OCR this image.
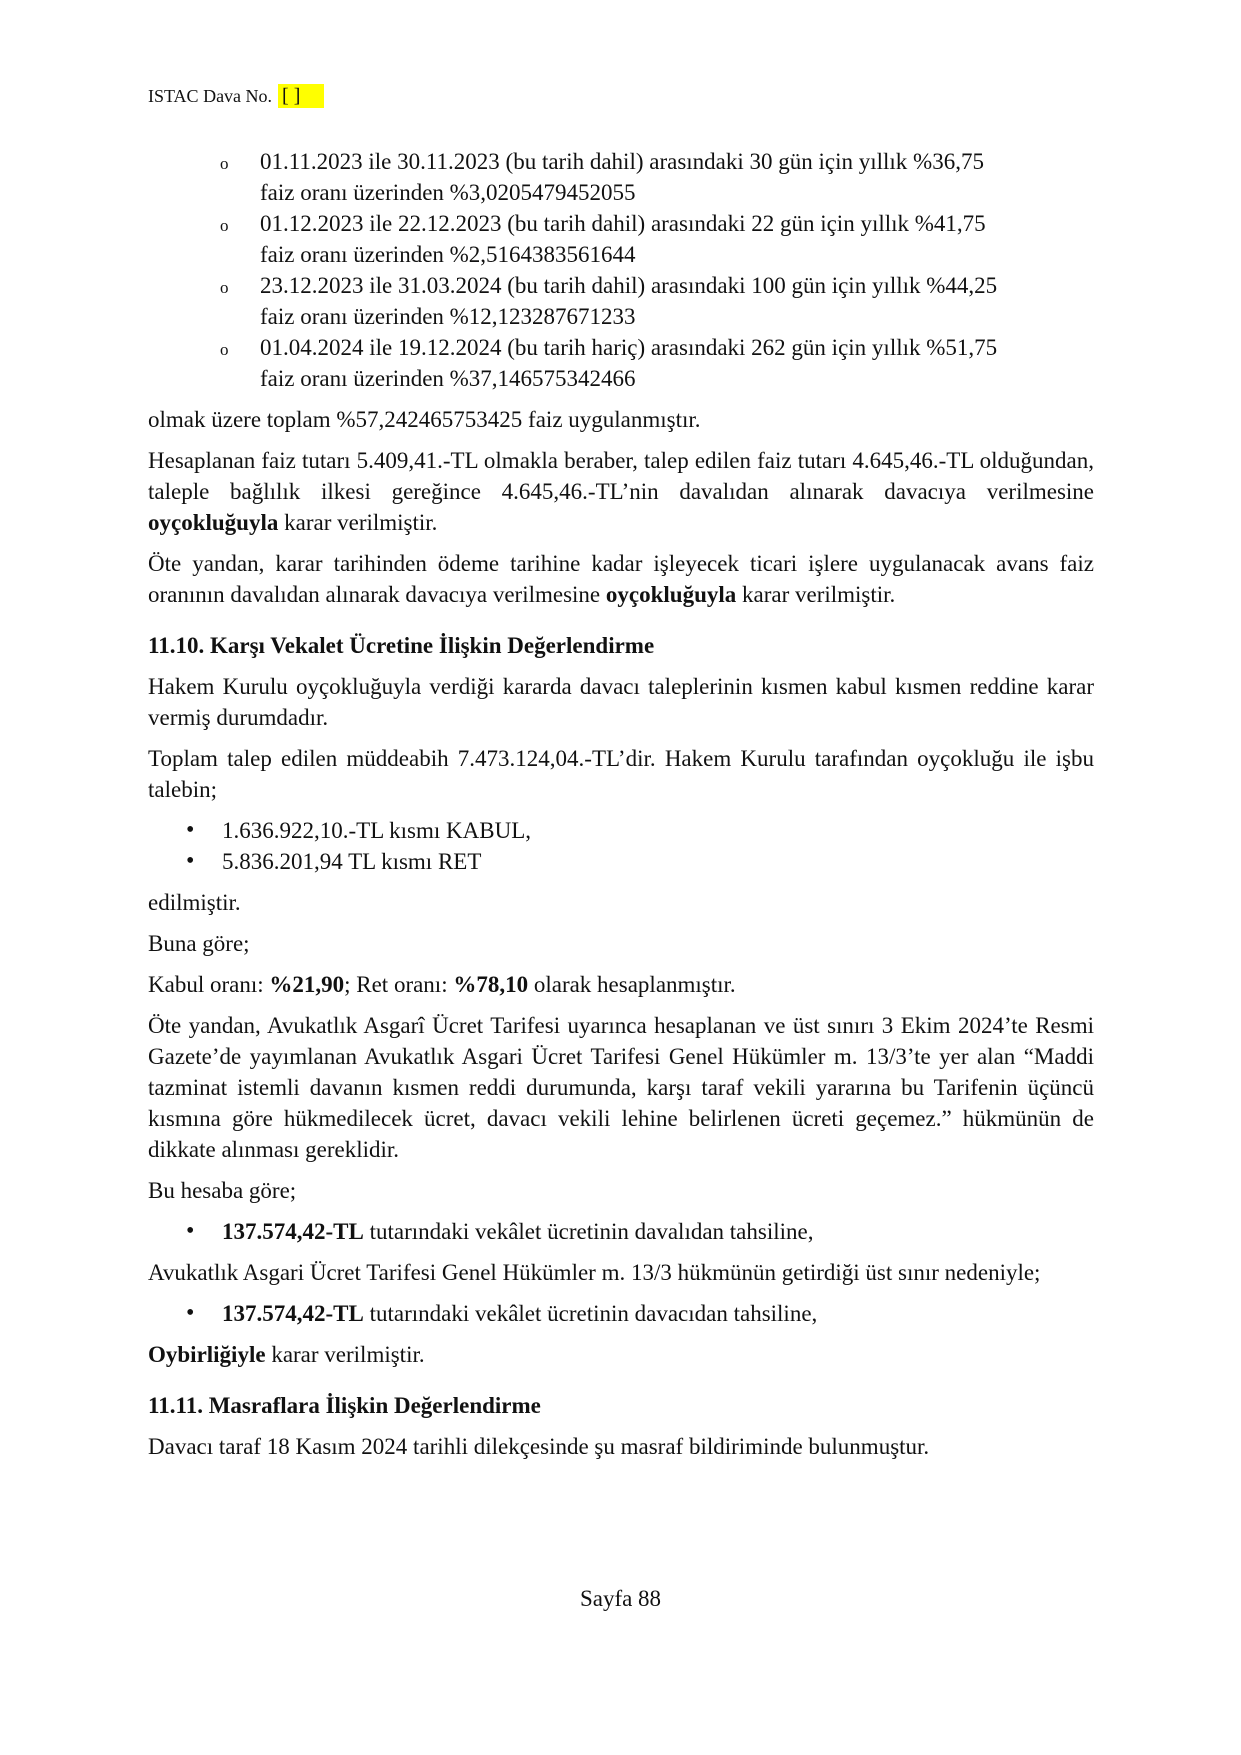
ISTAC Dava No. [ ]
o 01.11.2023 ile 30.11.2023 (bu tarih dahil) arasındaki 30 gün için yıllık %36,75
faiz oranı üzerinden %3,0205479452055
o 01.12.2023 ile 22.12.2023 (bu tarih dahil) arasındaki 22 gün için yıllık %41,75
faiz oranı üzerinden %2,5164383561644
o 23.12.2023 ile 31.03.2024 (bu tarih dahil) arasındaki 100 gün için yıllık %44,25
faiz oranı üzerinden %12,123287671233
o 01.04.2024 ile 19.12.2024 (bu tarih hariç) arasındaki 262 gün için yıllık %51,75
faiz oranı üzerinden %37,146575342466

olmak üzere toplam %57,242465753425 faiz uygulanmıştır.

Hesaplanan faiz tutarı 5.409,41.-TL olmakla beraber, talep edilen faiz tutarı 4.645,46.-TL olduğundan, taleple bağlılık ilkesi gereğince 4.645,46.-TL’nin davalıdan alınarak davacıya verilmesine oyçokluğuyla karar verilmiştir.

Öte yandan, karar tarihinden ödeme tarihine kadar işleyecek ticari işlere uygulanacak avans faiz oranının davalıdan alınarak davacıya verilmesine oyçokluğuyla karar verilmiştir.

11.10. Karşı Vekalet Ücretine İlişkin Değerlendirme

Hakem Kurulu oyçokluğuyla verdiği kararda davacı taleplerinin kısmen kabul kısmen reddine karar vermiş durumdadır.

Toplam talep edilen müddeabih 7.473.124,04.-TL’dir. Hakem Kurulu tarafından oyçokluğu ile işbu talebin;

• 1.636.922,10.-TL kısmı KABUL,
• 5.836.201,94 TL kısmı RET

edilmiştir.

Buna göre;

Kabul oranı: %21,90; Ret oranı: %78,10 olarak hesaplanmıştır.

Öte yandan, Avukatlık Asgarî Ücret Tarifesi uyarınca hesaplanan ve üst sınırı 3 Ekim 2024’te Resmi Gazete’de yayımlanan Avukatlık Asgari Ücret Tarifesi Genel Hükümler m. 13/3’te yer alan “Maddi tazminat istemli davanın kısmen reddi durumunda, karşı taraf vekili yararına bu Tarifenin üçüncü kısmına göre hükmedilecek ücret, davacı vekili lehine belirlenen ücreti geçemez.” hükmünün de dikkate alınması gereklidir.

Bu hesaba göre;

• 137.574,42-TL tutarındaki vekâlet ücretinin davalıdan tahsiline,

Avukatlık Asgari Ücret Tarifesi Genel Hükümler m. 13/3 hükmünün getirdiği üst sınır nedeniyle;

• 137.574,42-TL tutarındaki vekâlet ücretinin davacıdan tahsiline,

Oybirliğiyle karar verilmiştir.

11.11. Masraflara İlişkin Değerlendirme

Davacı taraf 18 Kasım 2024 tarihli dilekçesinde şu masraf bildiriminde bulunmuştur.

Sayfa 88
